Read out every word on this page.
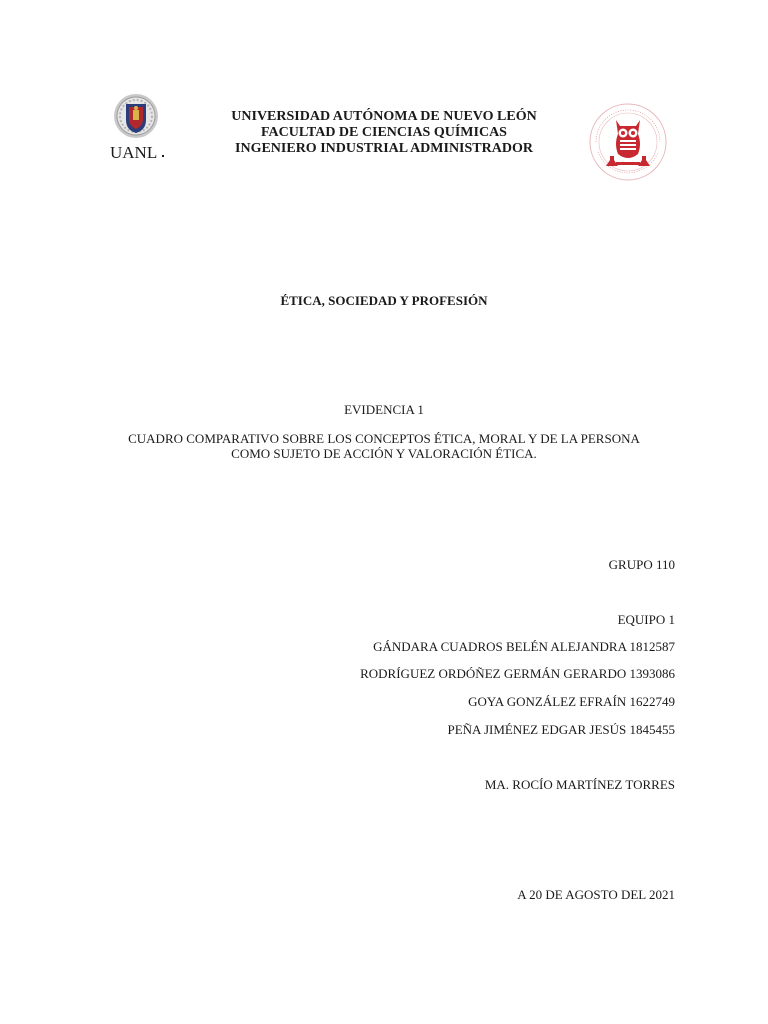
UANL
UNIVERSIDAD AUTÓNOMA DE NUEVO LEÓN
FACULTAD DE CIENCIAS QUÍMICAS
INGENIERO INDUSTRIAL ADMINISTRADOR
ÉTICA, SOCIEDAD Y PROFESIÓN
EVIDENCIA 1
CUADRO COMPARATIVO SOBRE LOS CONCEPTOS ÉTICA, MORAL Y DE LA PERSONA
COMO SUJETO DE ACCIÓN Y VALORACIÓN ÉTICA.
GRUPO 110
EQUIPO 1
GÁNDARA CUADROS BELÉN ALEJANDRA 1812587
RODRÍGUEZ ORDÓÑEZ GERMÁN GERARDO 1393086
GOYA GONZÁLEZ EFRAÍN 1622749
PEÑA JIMÉNEZ EDGAR JESÚS 1845455
MA. ROCÍO MARTÍNEZ TORRES
A 20 DE AGOSTO DEL 2021
